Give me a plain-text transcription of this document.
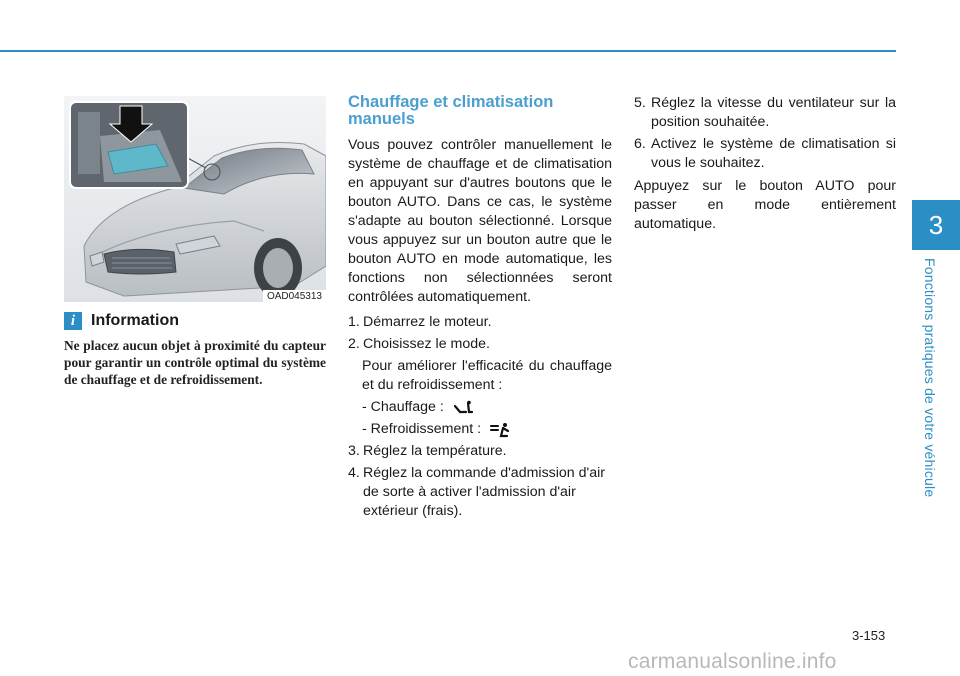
3
Fonctions pratiques de votre véhicule
OAD045313
i Information
Ne placez aucun objet à proximité du capteur pour garantir un contrôle optimal du système de chauffage et de refroidissement.
Chauffage et climatisation manuels

Vous pouvez contrôler manuellement le système de chauffage et de climatisation en appuyant sur d'autres boutons que le bouton AUTO. Dans ce cas, le système s'adapte au bouton sélectionné. Lorsque vous appuyez sur un bouton autre que le bouton AUTO en mode automatique, les fonctions non sélectionnées seront contrôlées automatiquement.

1. Démarrez le moteur.
2. Choisissez le mode.
Pour améliorer l'efficacité du chauffage et du refroidissement :
- Chauffage :
- Refroidissement :
3. Réglez la température.
4. Réglez la commande d'admission d'air de sorte à activer l'admission d'air extérieur (frais).
5. Réglez la vitesse du ventilateur sur la position souhaitée.
6. Activez le système de climatisation si vous le souhaitez.

Appuyez sur le bouton AUTO pour passer en mode entièrement automatique.

3-153
carmanualsonline.info
